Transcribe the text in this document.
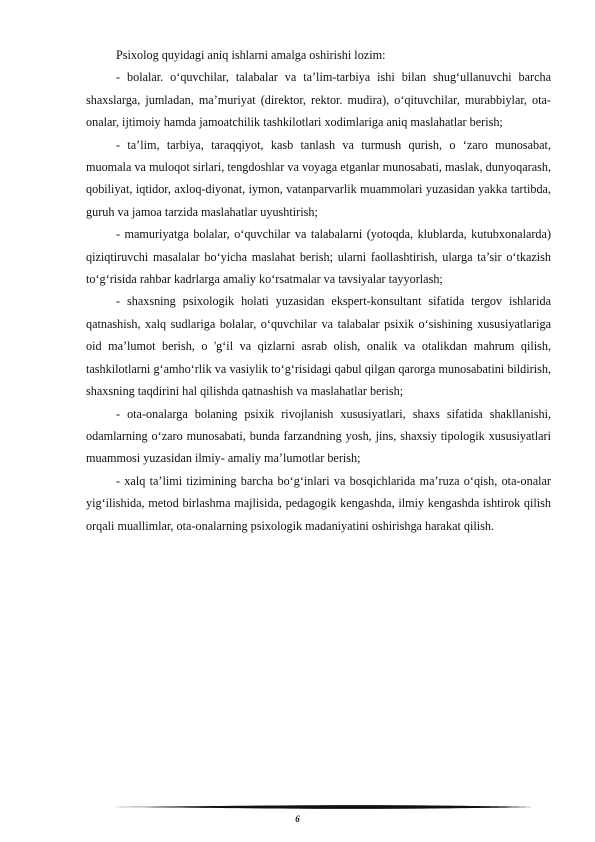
Psixolog quyidagi aniq ishlarni amalga oshirishi lozim:

- bolalar. o‘quvchilar, talabalar va ta’lim-tarbiya ishi bilan shug‘ullanuvchi barcha shaxslarga, jumladan, ma’muriyat (direktor, rektor. mudira), o‘qituvchilar, murabbiylar, ota-onalar, ijtimoiy hamda jamoatchilik tashkilotlari xodimlariga aniq maslahatlar berish;

- ta’lim, tarbiya, taraqqiyot, kasb tanlash va turmush qurish, o ‘zaro munosabat, muomala va muloqot sirlari, tengdoshlar va voyaga etganlar munosabati, maslak, dunyoqarash, qobiliyat, iqtidor, axloq-diyonat, iymon, vatanparvarlik muammolari yuzasidan yakka tartibda, guruh va jamoa tarzida maslahatlar uyushtirish;

- mamuriyatga bolalar, o‘quvchilar va talabalarni (yotoqda, klublarda, kutubxonalarda) qiziqtiruvchi masalalar bo‘yicha maslahat berish; ularni faollashtirish, ularga ta’sir o‘tkazish to‘g‘risida rahbar kadrlarga amaliy ko‘rsatmalar va tavsiyalar tayyorlash;

- shaxsning psixologik holati yuzasidan ekspert-konsultant sifatida tergov ishlarida qatnashish, xalq sudlariga bolalar, o‘quvchilar va talabalar psixik o‘sishining xususiyatlariga oid ma’lumot berish, o 'g‘il va qizlarni asrab olish, onalik va otalikdan mahrum qilish, tashkilotlarni g‘amho‘rlik va vasiylik to‘g‘risidagi qabul qilgan qarorga munosabatini bildirish, shaxsning taqdirini hal qilishda qatnashish va maslahatlar berish;

- ota-onalarga bolaning psixik rivojlanish xususiyatlari, shaxs sifatida shakllanishi, odamlarning o‘zaro munosabati, bunda farzandning yosh, jins, shaxsiy tipologik xususiyatlari muammosi yuzasidan ilmiy- amaliy ma’lumotlar berish;

- xalq ta’limi tizimining barcha bo‘g‘inlari va bosqichlarida ma’ruza o‘qish, ota-onalar yig‘ilishida, metod birlashma majlisida, pedagogik kengashda, ilmiy kengashda ishtirok qilish orqali muallimlar, ota-onalarning psixologik madaniyatini oshirishga harakat qilish.

6
